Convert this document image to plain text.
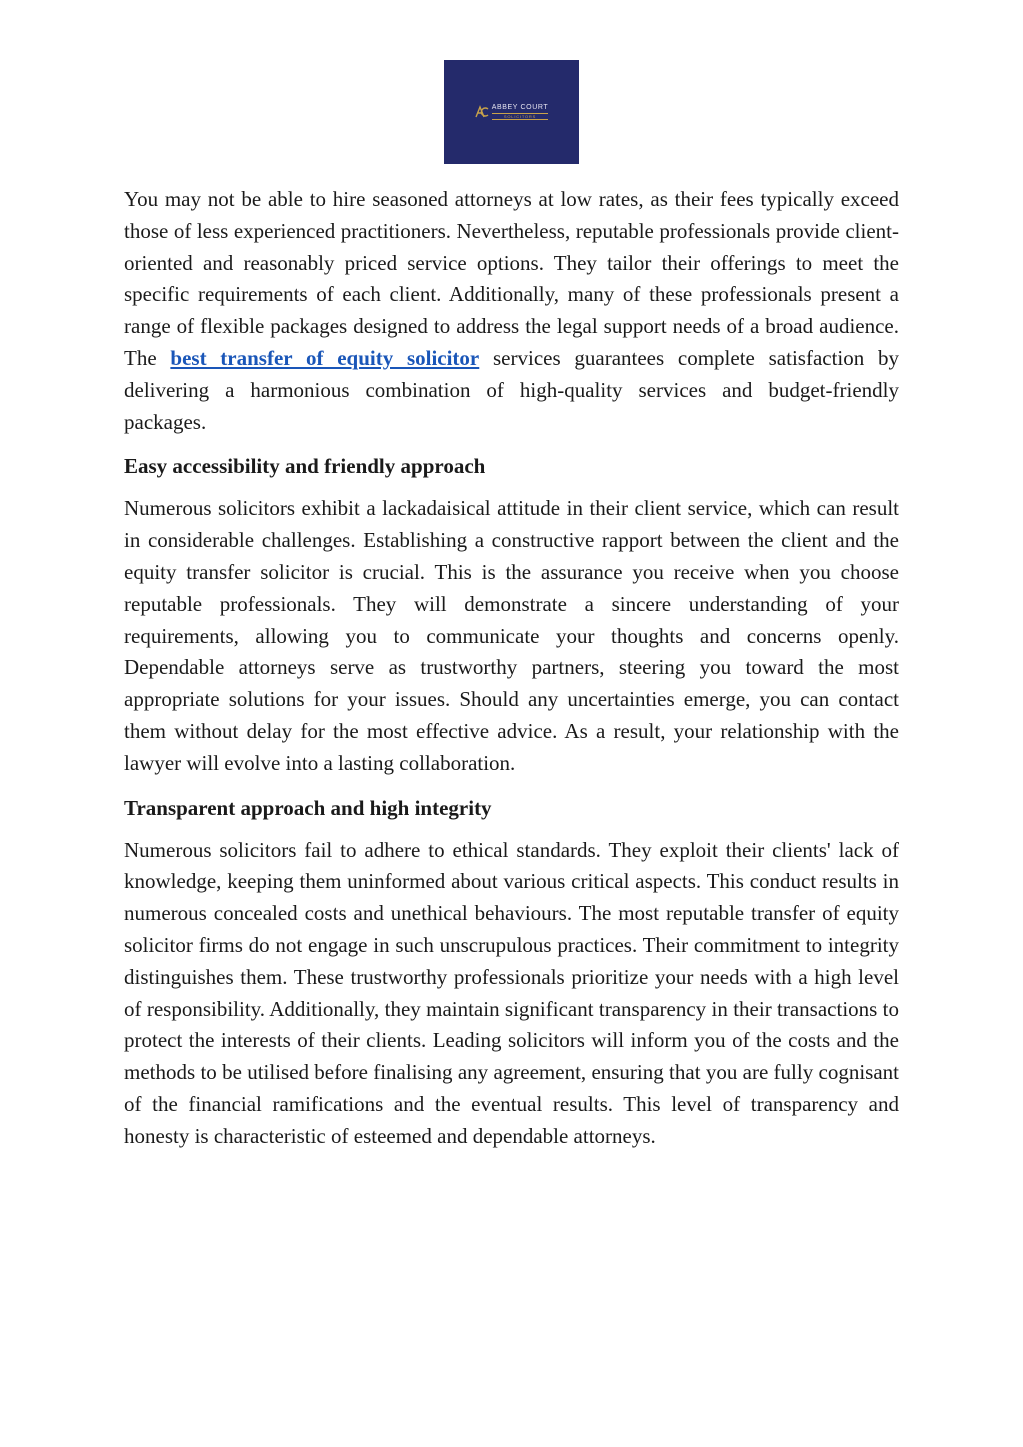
ABBEY COURT
SOLICITORS

You may not be able to hire seasoned attorneys at low rates, as their fees typically exceed those of less experienced practitioners. Nevertheless, reputable professionals provide client-oriented and reasonably priced service options. They tailor their offerings to meet the specific requirements of each client. Additionally, many of these professionals present a range of flexible packages designed to address the legal support needs of a broad audience. The best transfer of equity solicitor services guarantees complete satisfaction by delivering a harmonious combination of high-quality services and budget-friendly packages.

Easy accessibility and friendly approach

Numerous solicitors exhibit a lackadaisical attitude in their client service, which can result in considerable challenges. Establishing a constructive rapport between the client and the equity transfer solicitor is crucial. This is the assurance you receive when you choose reputable professionals. They will demonstrate a sincere understanding of your requirements, allowing you to communicate your thoughts and concerns openly. Dependable attorneys serve as trustworthy partners, steering you toward the most appropriate solutions for your issues. Should any uncertainties emerge, you can contact them without delay for the most effective advice. As a result, your relationship with the lawyer will evolve into a lasting collaboration.

Transparent approach and high integrity

Numerous solicitors fail to adhere to ethical standards. They exploit their clients' lack of knowledge, keeping them uninformed about various critical aspects. This conduct results in numerous concealed costs and unethical behaviours. The most reputable transfer of equity solicitor firms do not engage in such unscrupulous practices. Their commitment to integrity distinguishes them. These trustworthy professionals prioritize your needs with a high level of responsibility. Additionally, they maintain significant transparency in their transactions to protect the interests of their clients. Leading solicitors will inform you of the costs and the methods to be utilised before finalising any agreement, ensuring that you are fully cognisant of the financial ramifications and the eventual results. This level of transparency and honesty is characteristic of esteemed and dependable attorneys.
